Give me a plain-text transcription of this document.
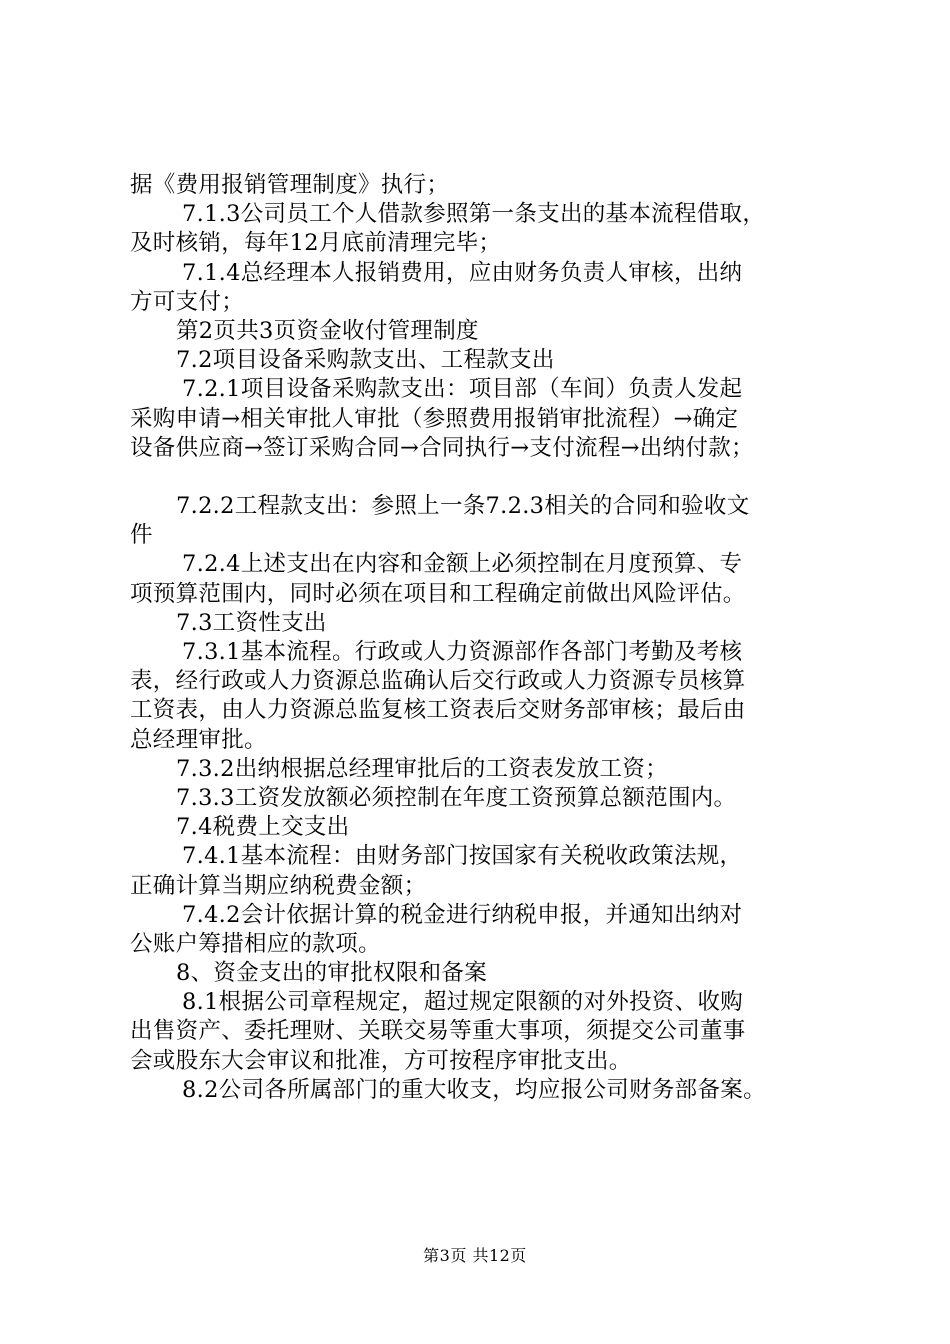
据《费用报销管理制度》执行；
7.1.3公司员工个人借款参照第一条支出的基本流程借取，
及时核销，每年12月底前清理完毕；
7.1.4总经理本人报销费用，应由财务负责人审核，出纳
方可支付；
第2页共3页资金收付管理制度
7.2项目设备采购款支出、工程款支出
7.2.1项目设备采购款支出：项目部（车间）负责人发起
采购申请→相关审批人审批（参照费用报销审批流程）→确定
设备供应商→签订采购合同→合同执行→支付流程→出纳付款；
7.2.2工程款支出：参照上一条7.2.3相关的合同和验收文
件
7.2.4上述支出在内容和金额上必须控制在月度预算、专
项预算范围内，同时必须在项目和工程确定前做出风险评估。
7.3工资性支出
7.3.1基本流程。行政或人力资源部作各部门考勤及考核
表，经行政或人力资源总监确认后交行政或人力资源专员核算
工资表，由人力资源总监复核工资表后交财务部审核；最后由
总经理审批。
7.3.2出纳根据总经理审批后的工资表发放工资；
7.3.3工资发放额必须控制在年度工资预算总额范围内。
7.4税费上交支出
7.4.1基本流程：由财务部门按国家有关税收政策法规，
正确计算当期应纳税费金额；
7.4.2会计依据计算的税金进行纳税申报，并通知出纳对
公账户筹措相应的款项。
8、资金支出的审批权限和备案
8.1根据公司章程规定，超过规定限额的对外投资、收购
出售资产、委托理财、关联交易等重大事项，须提交公司董事
会或股东大会审议和批准，方可按程序审批支出。
8.2公司各所属部门的重大收支，均应报公司财务部备案。
第3页 共12页
